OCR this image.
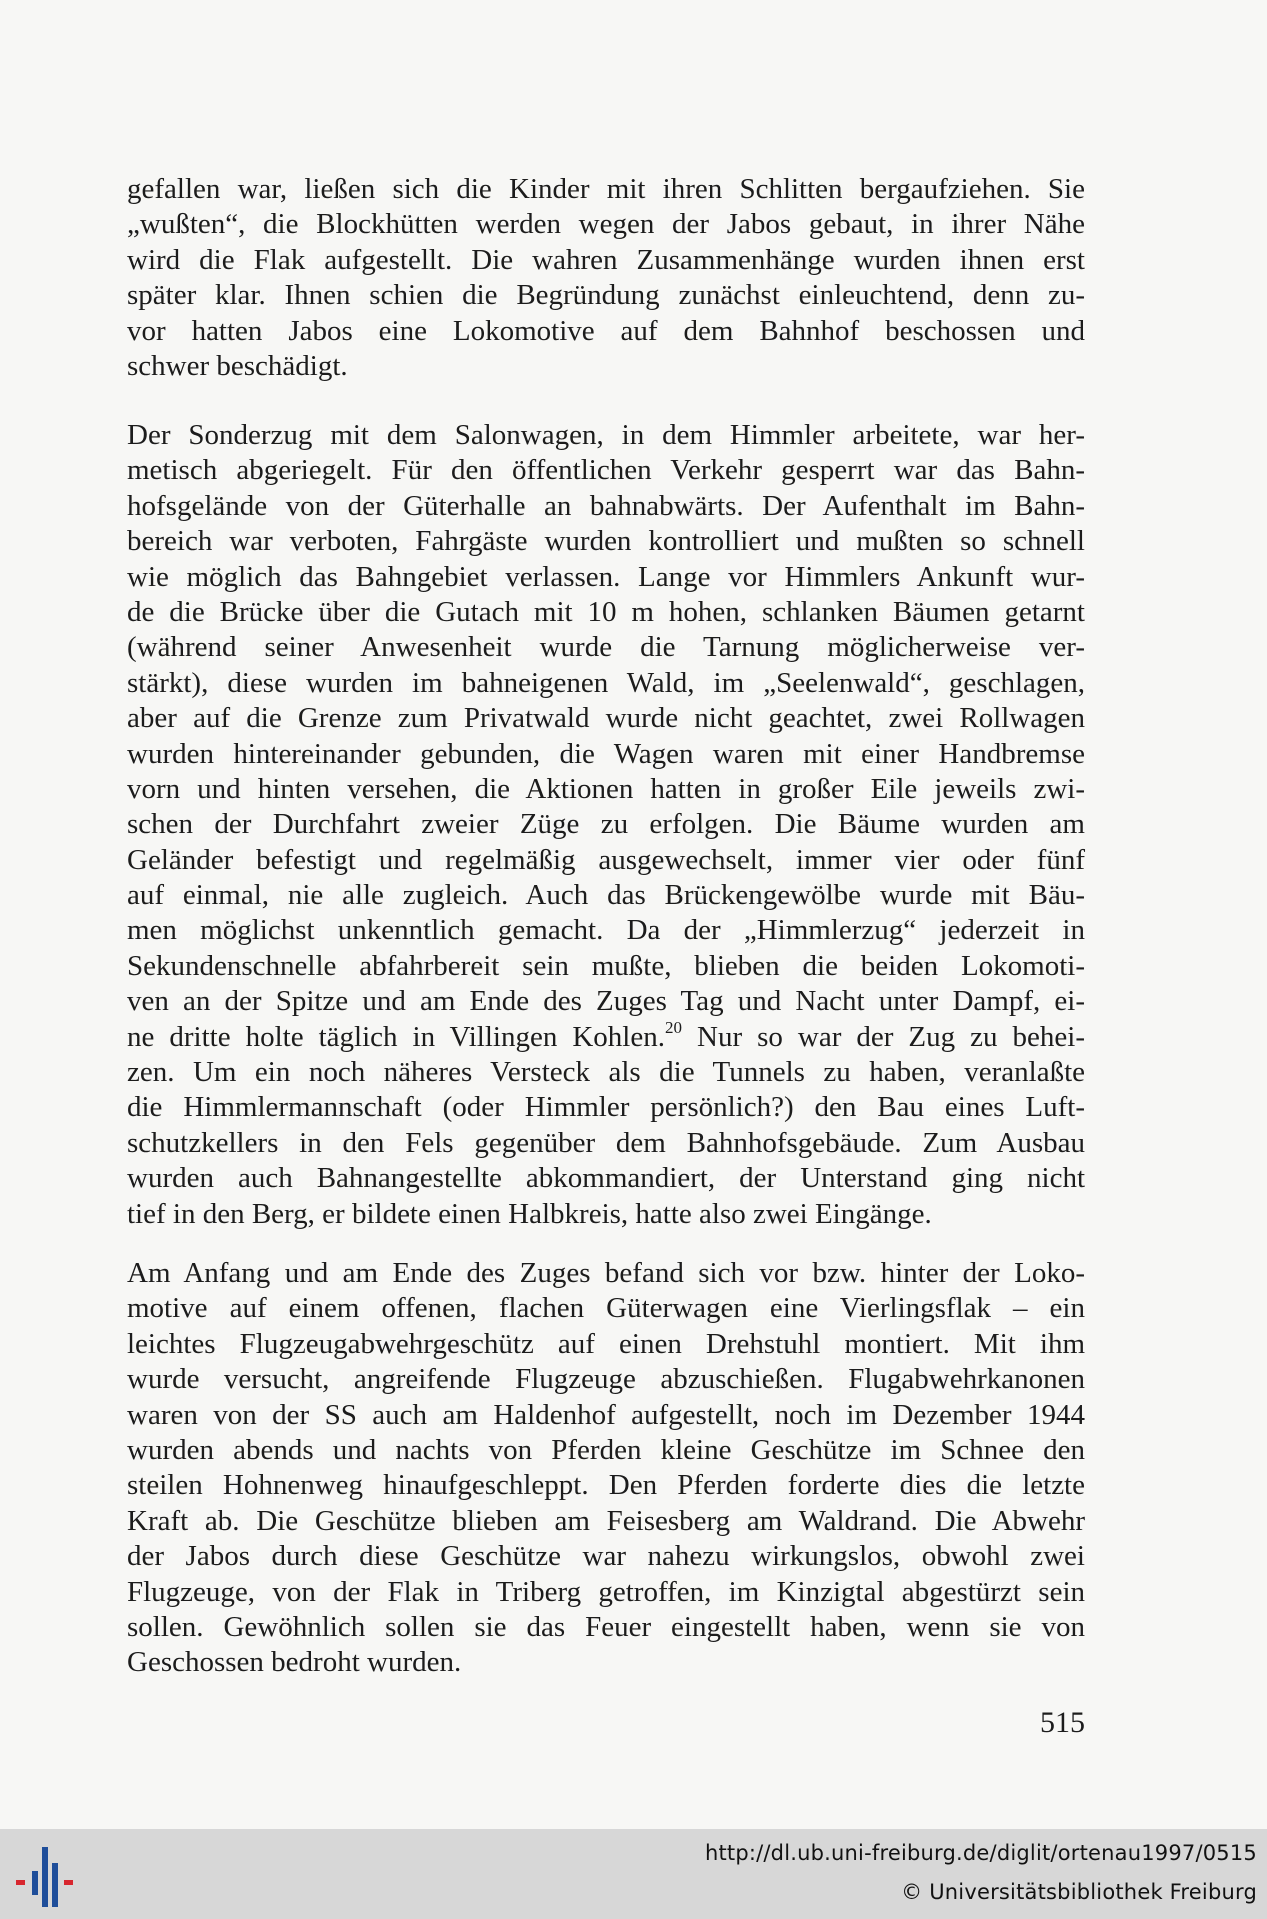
gefallen war, ließen sich die Kinder mit ihren Schlitten bergaufziehen. Sie
„wußten“, die Blockhütten werden wegen der Jabos gebaut, in ihrer Nähe
wird die Flak aufgestellt. Die wahren Zusammenhänge wurden ihnen erst
später klar. Ihnen schien die Begründung zunächst einleuchtend, denn zu-
vor hatten Jabos eine Lokomotive auf dem Bahnhof beschossen und
schwer beschädigt.
Der Sonderzug mit dem Salonwagen, in dem Himmler arbeitete, war her-
metisch abgeriegelt. Für den öffentlichen Verkehr gesperrt war das Bahn-
hofsgelände von der Güterhalle an bahnabwärts. Der Aufenthalt im Bahn-
bereich war verboten, Fahrgäste wurden kontrolliert und mußten so schnell
wie möglich das Bahngebiet verlassen. Lange vor Himmlers Ankunft wur-
de die Brücke über die Gutach mit 10 m hohen, schlanken Bäumen getarnt
(während seiner Anwesenheit wurde die Tarnung möglicherweise ver-
stärkt), diese wurden im bahneigenen Wald, im „Seelenwald“, geschlagen,
aber auf die Grenze zum Privatwald wurde nicht geachtet, zwei Rollwagen
wurden hintereinander gebunden, die Wagen waren mit einer Handbremse
vorn und hinten versehen, die Aktionen hatten in großer Eile jeweils zwi-
schen der Durchfahrt zweier Züge zu erfolgen. Die Bäume wurden am
Geländer befestigt und regelmäßig ausgewechselt, immer vier oder fünf
auf einmal, nie alle zugleich. Auch das Brückengewölbe wurde mit Bäu-
men möglichst unkenntlich gemacht. Da der „Himmlerzug“ jederzeit in
Sekundenschnelle abfahrbereit sein mußte, blieben die beiden Lokomoti-
ven an der Spitze und am Ende des Zuges Tag und Nacht unter Dampf, ei-
ne dritte holte täglich in Villingen Kohlen.$^{20}$ Nur so war der Zug zu behei-
zen. Um ein noch näheres Versteck als die Tunnels zu haben, veranlaßte
die Himmlermannschaft (oder Himmler persönlich?) den Bau eines Luft-
schutzkellers in den Fels gegenüber dem Bahnhofsgebäude. Zum Ausbau
wurden auch Bahnangestellte abkommandiert, der Unterstand ging nicht
tief in den Berg, er bildete einen Halbkreis, hatte also zwei Eingänge.
Am Anfang und am Ende des Zuges befand sich vor bzw. hinter der Loko-
motive auf einem offenen, flachen Güterwagen eine Vierlingsflak – ein
leichtes Flugzeugabwehrgeschütz auf einen Drehstuhl montiert. Mit ihm
wurde versucht, angreifende Flugzeuge abzuschießen. Flugabwehrkanonen
waren von der SS auch am Haldenhof aufgestellt, noch im Dezember 1944
wurden abends und nachts von Pferden kleine Geschütze im Schnee den
steilen Hohnenweg hinaufgeschleppt. Den Pferden forderte dies die letzte
Kraft ab. Die Geschütze blieben am Feisesberg am Waldrand. Die Abwehr
der Jabos durch diese Geschütze war nahezu wirkungslos, obwohl zwei
Flugzeuge, von der Flak in Triberg getroffen, im Kinzigtal abgestürzt sein
sollen. Gewöhnlich sollen sie das Feuer eingestellt haben, wenn sie von
Geschossen bedroht wurden.
515
http://dl.ub.uni-freiburg.de/diglit/ortenau1997/0515
© Universitätsbibliothek Freiburg
